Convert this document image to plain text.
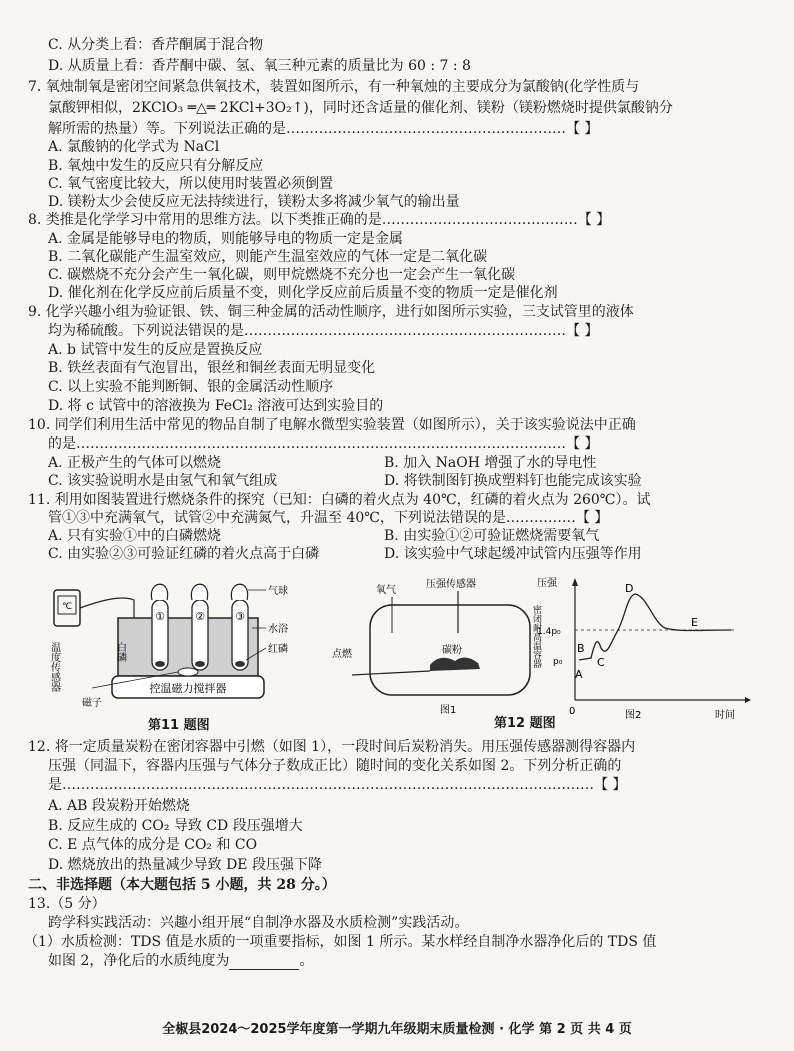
C. 从分类上看：香芹酮属于混合物
D. 从质量上看：香芹酮中碳、氢、氧三种元素的质量比为 60 : 7 : 8
7. 氧烛制氧是密闭空间紧急供氧技术，装置如图所示，有一种氧烛的主要成分为氯酸钠(化学性质与
氯酸钾相似，2KClO₃ ═△═ 2KCl+3O₂↑)，同时还含适量的催化剂、镁粉（镁粉燃烧时提供氯酸钠分
解所需的热量）等。下列说法正确的是……………………………………………………【 】
A. 氯酸钠的化学式为 NaCl
B. 氧烛中发生的反应只有分解反应
C. 氧气密度比较大，所以使用时装置必须倒置
D. 镁粉太少会使反应无法持续进行，镁粉太多将减少氧气的输出量
8. 类推是化学学习中常用的思维方法。以下类推正确的是……………………………………【 】
A. 金属是能够导电的物质，则能够导电的物质一定是金属
B. 二氧化碳能产生温室效应，则能产生温室效应的气体一定是二氧化碳
C. 碳燃烧不充分会产生一氧化碳，则甲烷燃烧不充分也一定会产生一氧化碳
D. 催化剂在化学反应前后质量不变，则化学反应前后质量不变的物质一定是催化剂
9. 化学兴趣小组为验证银、铁、铜三种金属的活动性顺序，进行如图所示实验，三支试管里的液体
均为稀硫酸。下列说法错误的是……………………………………………………………【 】
A. b 试管中发生的反应是置换反应
B. 铁丝表面有气泡冒出，银丝和铜丝表面无明显变化
C. 以上实验不能判断铜、银的金属活动性顺序
D. 将 c 试管中的溶液换为 FeCl₂ 溶液可达到实验目的
10. 同学们利用生活中常见的物品自制了电解水微型实验装置（如图所示），关于该实验说法中正确
的是……………………………………………………………………………………………【 】
A. 正极产生的气体可以燃烧	B. 加入 NaOH 增强了水的导电性
C. 该实验说明水是由氢气和氧气组成	D. 将铁制图钉换成塑料钉也能完成该实验
11. 利用如图装置进行燃烧条件的探究（已知：白磷的着火点为 40℃，红磷的着火点为 260℃）。试
管①③中充满氧气，试管②中充满氮气，升温至 40℃，下列说法错误的是……………【 】
A. 只有实验①中的白磷燃烧	B. 由实验①②可验证燃烧需要氧气
C. 由实验②③可验证红磷的着火点高于白磷	D. 该实验中气球起缓冲试管内压强等作用
℃
温度传感器
①	②	③
控温磁力搅拌器
磁子
白磷
气球
水浴
红磷
第11 题图
氧气
压强传感器
密闭耐高温容器
碳粉
点燃
图1
第12 题图
压强
时间
0	图2
1.4p₀
p₀
A
B
C
D
E
12. 将一定质量炭粉在密闭容器中引燃（如图 1），一段时间后炭粉消失。用压强传感器测得容器内
压强（同温下，容器内压强与气体分子数成正比）随时间的变化关系如图 2。下列分析正确的
是……………………………………………………………………………………………………【 】
A. AB 段炭粉开始燃烧
B. 反应生成的 CO₂ 导致 CD 段压强增大
C. E 点气体的成分是 CO₂ 和 CO
D. 燃烧放出的热量减少导致 DE 段压强下降
二、非选择题（本大题包括 5 小题，共 28 分。）
13.（5 分）
跨学科实践活动：兴趣小组开展“自制净水器及水质检测”实践活动。
（1）水质检测：TDS 值是水质的一项重要指标，如图 1 所示。某水样经自制净水器净化后的 TDS 值
如图 2，净化后的水质纯度为	。
全椒县2024～2025学年度第一学期九年级期末质量检测 · 化学 第 2 页 共 4 页
